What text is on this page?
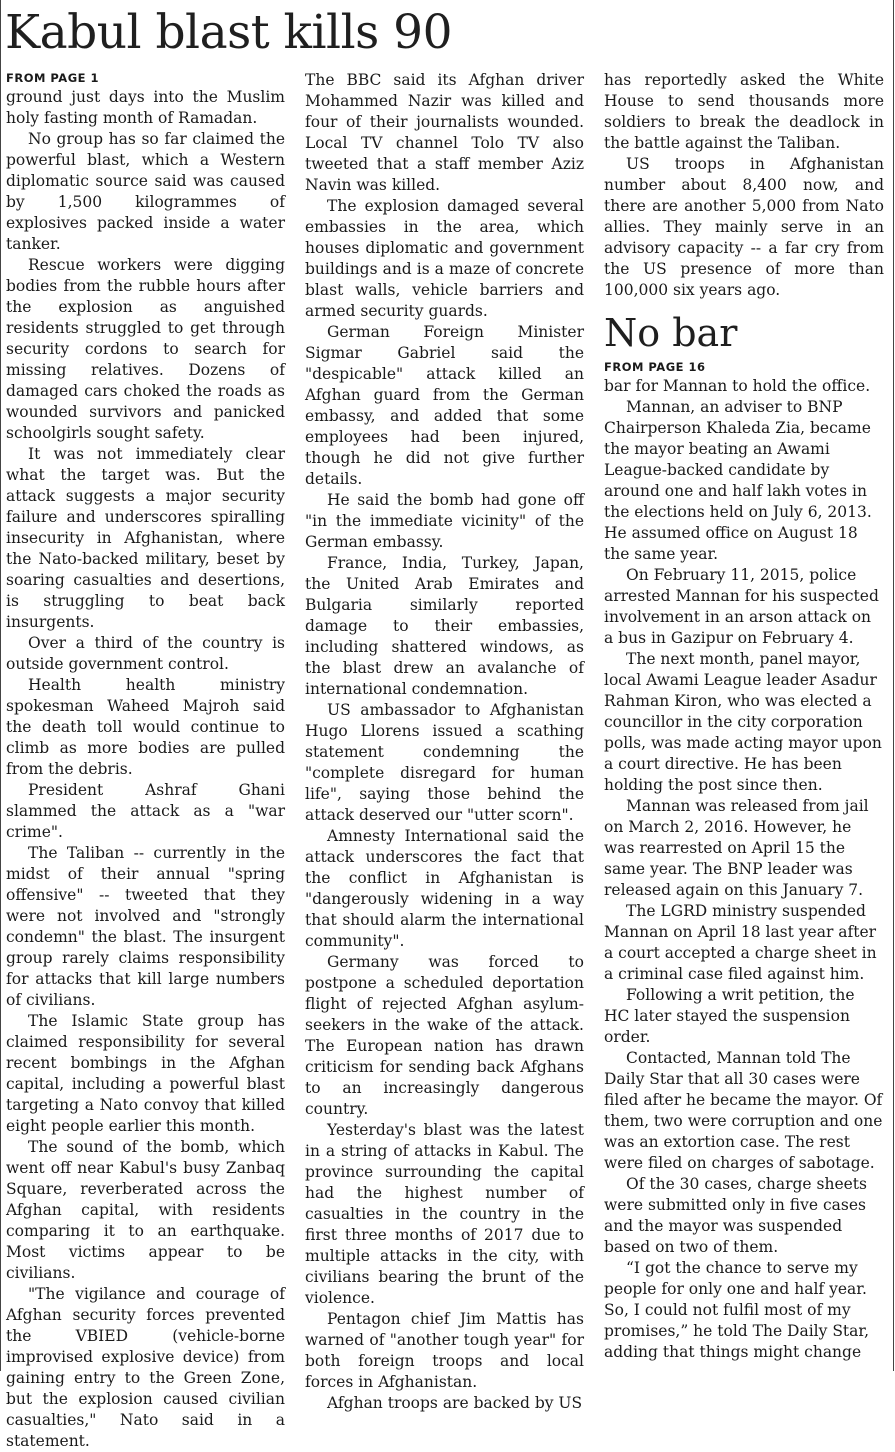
Kabul blast kills 90

FROM PAGE 1

ground just days into the Muslim holy fasting month of Ramadan.

No group has so far claimed the powerful blast, which a Western diplomatic source said was caused by 1,500 kilogrammes of explosives packed inside a water tanker.

Rescue workers were digging bodies from the rubble hours after the explosion as anguished residents struggled to get through security cordons to search for missing relatives. Dozens of damaged cars choked the roads as wounded survivors and panicked schoolgirls sought safety.

It was not immediately clear what the target was. But the attack suggests a major security failure and underscores spiralling insecurity in Afghanistan, where the Nato-backed military, beset by soaring casualties and desertions, is struggling to beat back insurgents.

Over a third of the country is outside government control.

Health health ministry spokesman Waheed Majroh said the death toll would continue to climb as more bodies are pulled from the debris.

President Ashraf Ghani slammed the attack as a "war crime".

The Taliban -- currently in the midst of their annual "spring offensive" -- tweeted that they were not involved and "strongly condemn" the blast. The insurgent group rarely claims responsibility for attacks that kill large numbers of civilians.

The Islamic State group has claimed responsibility for several recent bombings in the Afghan capital, including a powerful blast targeting a Nato convoy that killed eight people earlier this month.

The sound of the bomb, which went off near Kabul's busy Zanbaq Square, reverberated across the Afghan capital, with residents comparing it to an earthquake. Most victims appear to be civilians.

"The vigilance and courage of Afghan security forces prevented the VBIED (vehicle-borne improvised explosive device) from gaining entry to the Green Zone, but the explosion caused civilian casualties," Nato said in a statement.

The BBC said its Afghan driver Mohammed Nazir was killed and four of their journalists wounded. Local TV channel Tolo TV also tweeted that a staff member Aziz Navin was killed.

The explosion damaged several embassies in the area, which houses diplomatic and government buildings and is a maze of concrete blast walls, vehicle barriers and armed security guards.

German Foreign Minister Sigmar Gabriel said the "despicable" attack killed an Afghan guard from the German embassy, and added that some employees had been injured, though he did not give further details.

He said the bomb had gone off "in the immediate vicinity" of the German embassy.

France, India, Turkey, Japan, the United Arab Emirates and Bulgaria similarly reported damage to their embassies, including shattered windows, as the blast drew an avalanche of international condemnation.

US ambassador to Afghanistan Hugo Llorens issued a scathing statement condemning the "complete disregard for human life", saying those behind the attack deserved our "utter scorn".

Amnesty International said the attack underscores the fact that the conflict in Afghanistan is "dangerously widening in a way that should alarm the international community".

Germany was forced to postpone a scheduled deportation flight of rejected Afghan asylum-seekers in the wake of the attack. The European nation has drawn criticism for sending back Afghans to an increasingly dangerous country.

Yesterday's blast was the latest in a string of attacks in Kabul. The province surrounding the capital had the highest number of casualties in the country in the first three months of 2017 due to multiple attacks in the city, with civilians bearing the brunt of the violence.

Pentagon chief Jim Mattis has warned of "another tough year" for both foreign troops and local forces in Afghanistan.

Afghan troops are backed by US

has reportedly asked the White House to send thousands more soldiers to break the deadlock in the battle against the Taliban.

US troops in Afghanistan number about 8,400 now, and there are another 5,000 from Nato allies. They mainly serve in an advisory capacity -- a far cry from the US presence of more than 100,000 six years ago.

No bar

FROM PAGE 16

bar for Mannan to hold the office.

Mannan, an adviser to BNP Chairperson Khaleda Zia, became the mayor beating an Awami League-backed candidate by around one and half lakh votes in the elections held on July 6, 2013. He assumed office on August 18 the same year.

On February 11, 2015, police arrested Mannan for his suspected involvement in an arson attack on a bus in Gazipur on February 4.

The next month, panel mayor, local Awami League leader Asadur Rahman Kiron, who was elected a councillor in the city corporation polls, was made acting mayor upon a court directive. He has been holding the post since then.

Mannan was released from jail on March 2, 2016. However, he was rearrested on April 15 the same year. The BNP leader was released again on this January 7.

The LGRD ministry suspended Mannan on April 18 last year after a court accepted a charge sheet in a criminal case filed against him.

Following a writ petition, the HC later stayed the suspension order.

Contacted, Mannan told The Daily Star that all 30 cases were filed after he became the mayor. Of them, two were corruption and one was an extortion case. The rest were filed on charges of sabotage.

Of the 30 cases, charge sheets were submitted only in five cases and the mayor was suspended based on two of them.

“I got the chance to serve my people for only one and half year. So, I could not fulfil most of my promises,” he told The Daily Star, adding that things might change
